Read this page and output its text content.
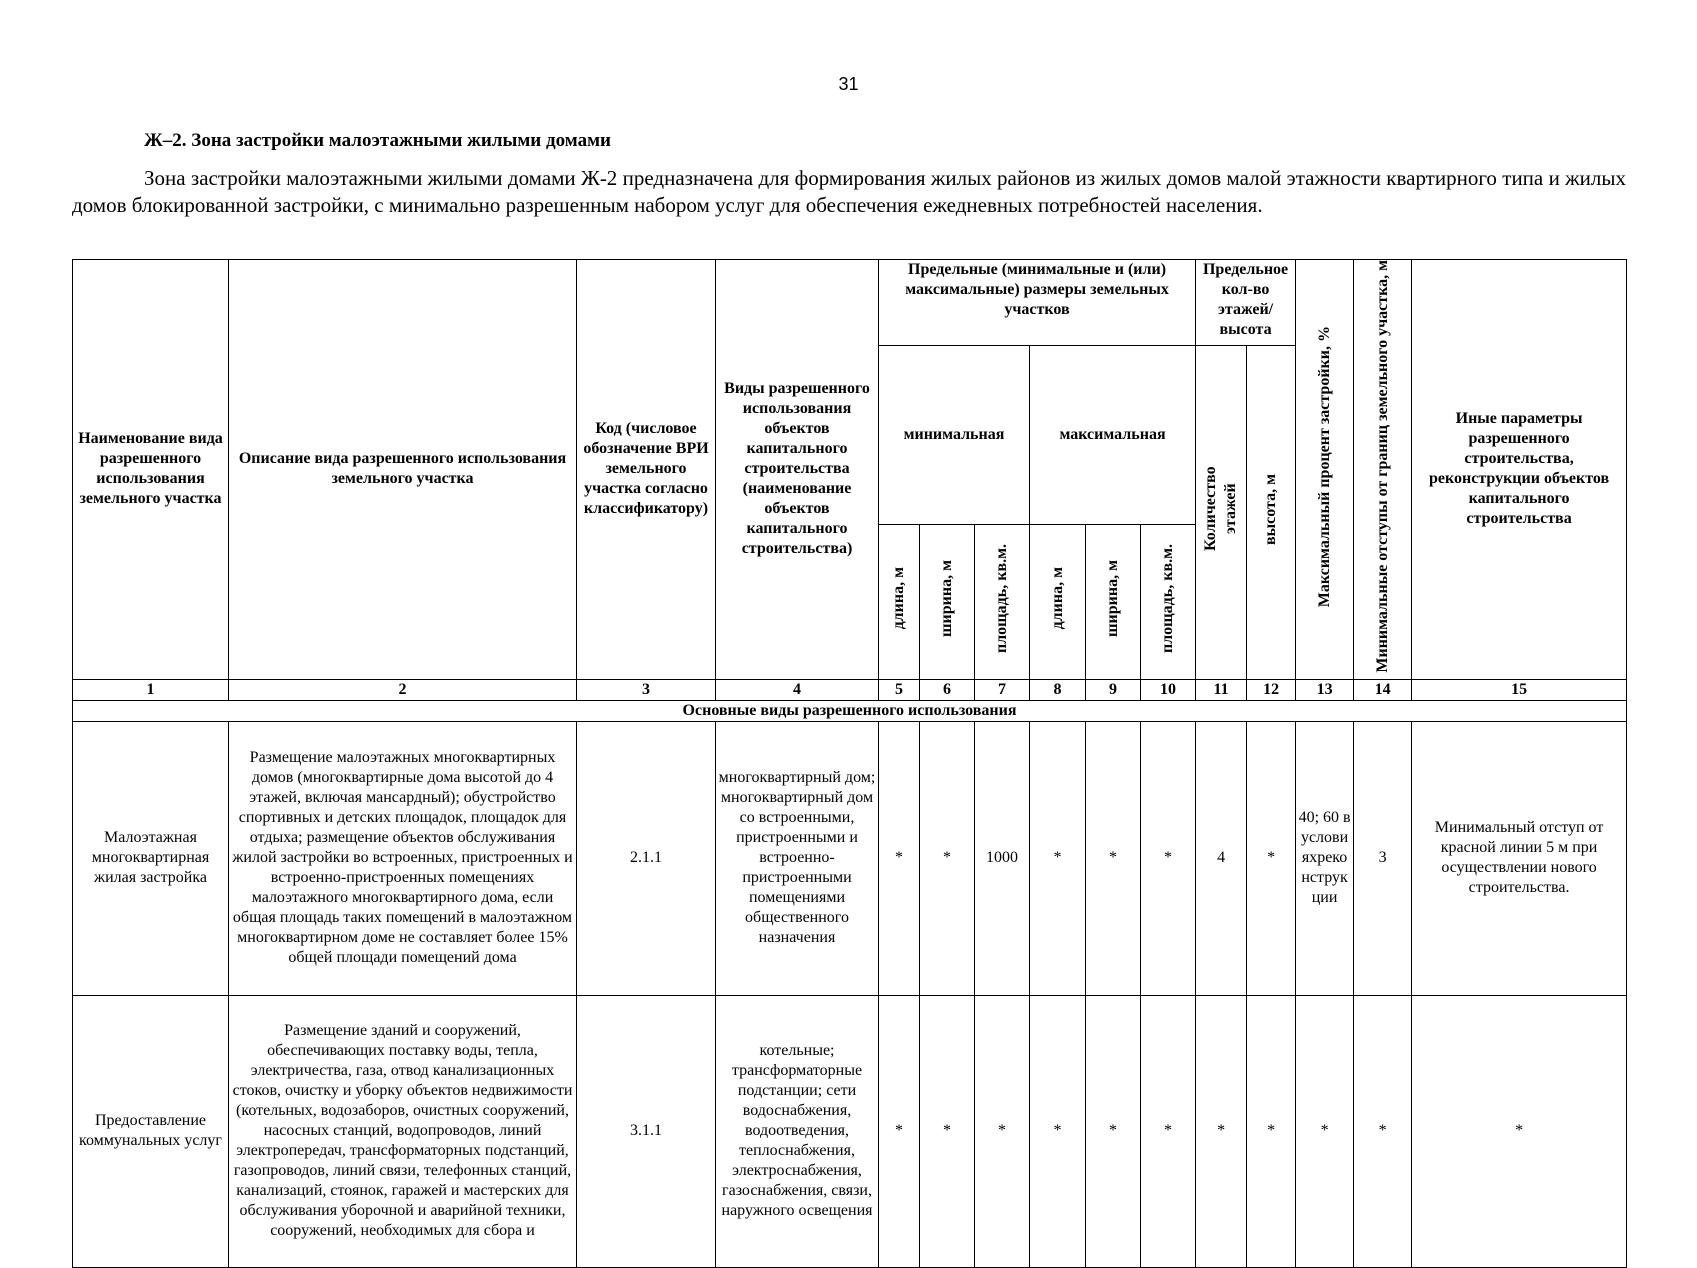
31
Ж–2. Зона застройки малоэтажными жилыми домами

Зона застройки малоэтажными жилыми домами Ж-2 предназначена для формирования жилых районов из жилых домов малой этажности квартирного типа и жилых домов блокированной застройки, с минимально разрешенным набором услуг для обеспечения ежедневных потребностей населения.

Наименование вида разрешенного использования земельного участка	Описание вида разрешенного использования земельного участка	Код (числовое обозначение ВРИ земельного участка согласно классификатору)	Виды разрешенного использования объектов капитального строительства (наименование объектов капитального строительства)	Предельные (минимальные и (или) максимальные) размеры земельных участков						Предельное кол-во этажей/ высота		Максимальный процент застройки, %	Минимальные отступы от границ земельного участка, м	Иные параметры разрешенного строительства, реконструкции объектов капитального строительства
				минимальная			максимальная			Количество этажей	высота, м			
				длина, м	ширина, м	площадь, кв.м.	длина, м	ширина, м	площадь, кв.м.					
1	2	3	4	5	6	7	8	9	10	11	12	13	14	15
Основные виды разрешенного использования														
Малоэтажная многоквартирная жилая застройка	Размещение малоэтажных многоквартирных домов (многоквартирные дома высотой до 4 этажей, включая мансардный); обустройство спортивных и детских площадок, площадок для отдыха; размещение объектов обслуживания жилой застройки во встроенных, пристроенных и встроенно-пристроенных помещениях малоэтажного многоквартирного дома, если общая площадь таких помещений в малоэтажном многоквартирном доме не составляет более 15% общей площади помещений дома	2.1.1	многоквартирный дом; многоквартирный дом со встроенными, пристроенными и встроенно-пристроенными помещениями общественного назначения	*	*	1000	*	*	*	4	*	40; 60 в условияхреконструкции	3	Минимальный отступ от красной линии 5 м при осуществлении нового строительства.
Предоставление коммунальных услуг	Размещение зданий и сооружений, обеспечивающих поставку воды, тепла, электричества, газа, отвод канализационных стоков, очистку и уборку объектов недвижимости (котельных, водозаборов, очистных сооружений, насосных станций, водопроводов, линий электропередач, трансформаторных подстанций, газопроводов, линий связи, телефонных станций, канализаций, стоянок, гаражей и мастерских для обслуживания уборочной и аварийной техники, сооружений, необходимых для сбора и	3.1.1	котельные; трансформаторные подстанции; сети водоснабжения, водоотведения, теплоснабжения, электроснабжения, газоснабжения, связи, наружного освещения	*	*	*	*	*	*	*	*	*	*	*
